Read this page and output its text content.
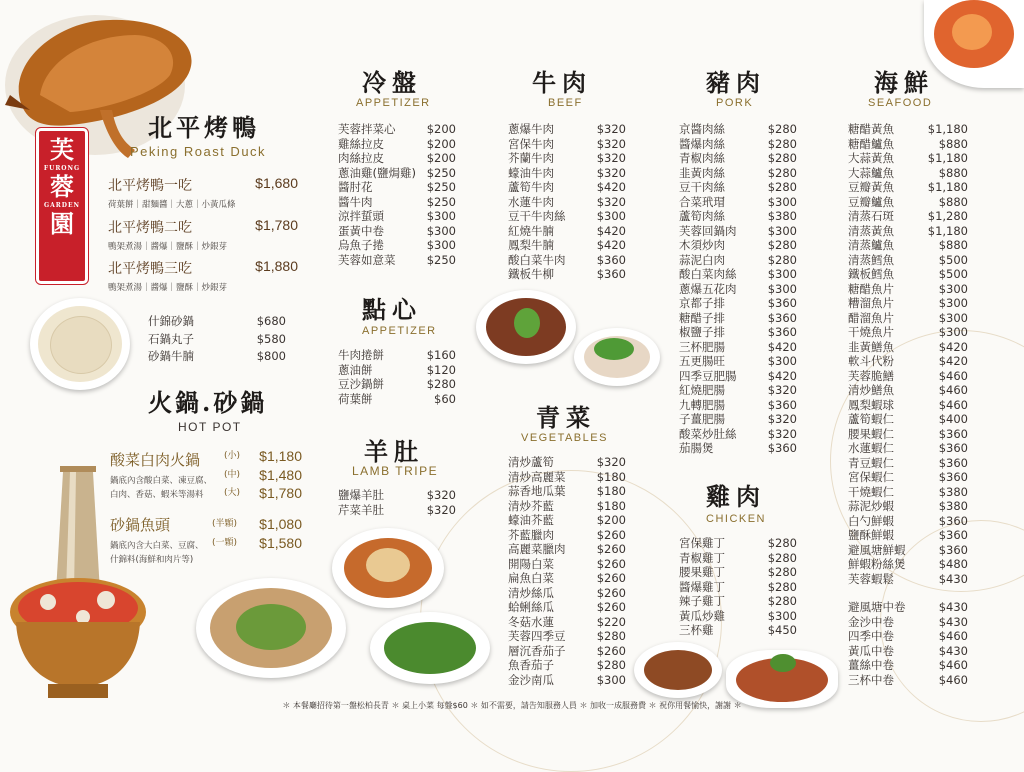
芙
FURONG
蓉
GARDEN
園
北平烤鴨
Peking Roast Duck
北平烤鴨一吃	$1,680
荷葉餅｜甜麵醬｜大蔥｜小黃瓜條
北平烤鴨二吃	$1,780
鴨架煮湯｜醬爆｜鹽酥｜炒銀芽
北平烤鴨三吃	$1,880
鴨架煮湯｜醬爆｜鹽酥｜炒銀芽
什錦砂鍋	$680
石鍋丸子	$580
砂鍋牛腩	$800
火鍋.砂鍋
HOT POT
酸菜白肉火鍋
鍋底內含酸白菜、凍豆腐、
白肉、香菇、蝦米等湯料
(小) $1,180
(中) $1,480
(大) $1,780
砂鍋魚頭
鍋底內含大白菜、豆腐、
什錦料(海鮮和肉片等)
(半顆) $1,080
(一顆) $1,580
冷盤
APPETIZER
芙蓉拌菜心	$200
雞絲拉皮	$200
肉絲拉皮	$200
蔥油雞(鹽焗雞) $250
醬肘花	$250
醬牛肉	$250
涼拌蜇頭	$300
蛋黃中卷	$300
烏魚子捲	$300
芙蓉如意菜	$250
點心
APPETIZER
牛肉捲餅	$160
蔥油餅	$120
豆沙鍋餅	$280
荷葉餅	$60
羊肚
LAMB TRIPE
鹽爆羊肚	$320
芹菜羊肚	$320
牛肉
BEEF
蔥爆牛肉	$320
宮保牛肉	$320
芥蘭牛肉	$320
蠔油牛肉	$320
蘆筍牛肉	$420
水蓮牛肉	$320
豆干牛肉絲	$300
紅燒牛腩	$420
鳳梨牛腩	$420
酸白菜牛肉	$360
鐵板牛柳	$360
青菜
VEGETABLES
清炒蘆筍	$320
清炒高麗菜	$180
蒜香地瓜葉	$180
清炒芥藍	$180
蠔油芥藍	$200
芥藍臘肉	$260
高麗菜臘肉	$260
開陽白菜	$260
扁魚白菜	$260
清炒絲瓜	$260
蛤蜊絲瓜	$260
冬菇水蓮	$220
芙蓉四季豆	$280
層沉香茄子	$260
魚香茄子	$280
金沙南瓜	$300
豬肉
PORK
京醬肉絲	$280
醬爆肉絲	$280
青椒肉絲	$280
韭黃肉絲	$280
豆干肉絲	$280
合菜玳瑁	$300
蘆筍肉絲	$380
芙蓉回鍋肉	$300
木須炒肉	$280
蒜泥白肉	$280
酸白菜肉絲	$300
蔥爆五花肉	$300
京都子排	$360
糖醋子排	$360
椒鹽子排	$360
三杯肥腸	$420
五更腸旺	$300
四季豆肥腸	$420
紅燒肥腸	$320
九轉肥腸	$360
子薑肥腸	$320
酸菜炒肚絲	$320
茄腸煲	$360
雞肉
CHICKEN
宮保雞丁	$280
青椒雞丁	$280
腰果雞丁	$280
醬爆雞丁	$280
辣子雞丁	$280
黃瓜炒雞	$300
三杯雞	$450
海鮮
SEAFOOD
糖醋黃魚	$1,180
糖醋鱸魚	$880
大蒜黃魚	$1,180
大蒜鱸魚	$880
豆瓣黃魚	$1,180
豆瓣鱸魚	$880
清蒸石斑	$1,280
清蒸黃魚	$1,180
清蒸鱸魚	$880
清蒸鱈魚	$500
鐵板鱈魚	$500
糖醋魚片	$300
糟溜魚片	$300
醋溜魚片	$300
干燒魚片	$300
韭黃鱔魚	$420
軟斗代粉	$420
芙蓉脆鱔	$460
清炒鱔魚	$460
鳳梨蝦球	$460
蘆筍蝦仁	$400
腰果蝦仁	$360
水蓮蝦仁	$360
青豆蝦仁	$360
宮保蝦仁	$360
干燒蝦仁	$380
蒜泥炒蝦	$380
白勺鮮蝦	$360
鹽酥鮮蝦	$360
避風塘鮮蝦	$360
鮮蝦粉絲煲	$480
芙蓉蝦鬆	$430
避風塘中卷	$430
金沙中卷	$430
四季中卷	$460
黃瓜中卷	$430
薑絲中卷	$460
三杯中卷	$460
＊ 本餐廳招待第一盤松柏長青 ＊ 桌上小菜 每盤$60 ＊ 如不需要，請告知服務人員 ＊ 加收一成服務費 ＊ 祝你用餐愉快，謝謝 ＊
